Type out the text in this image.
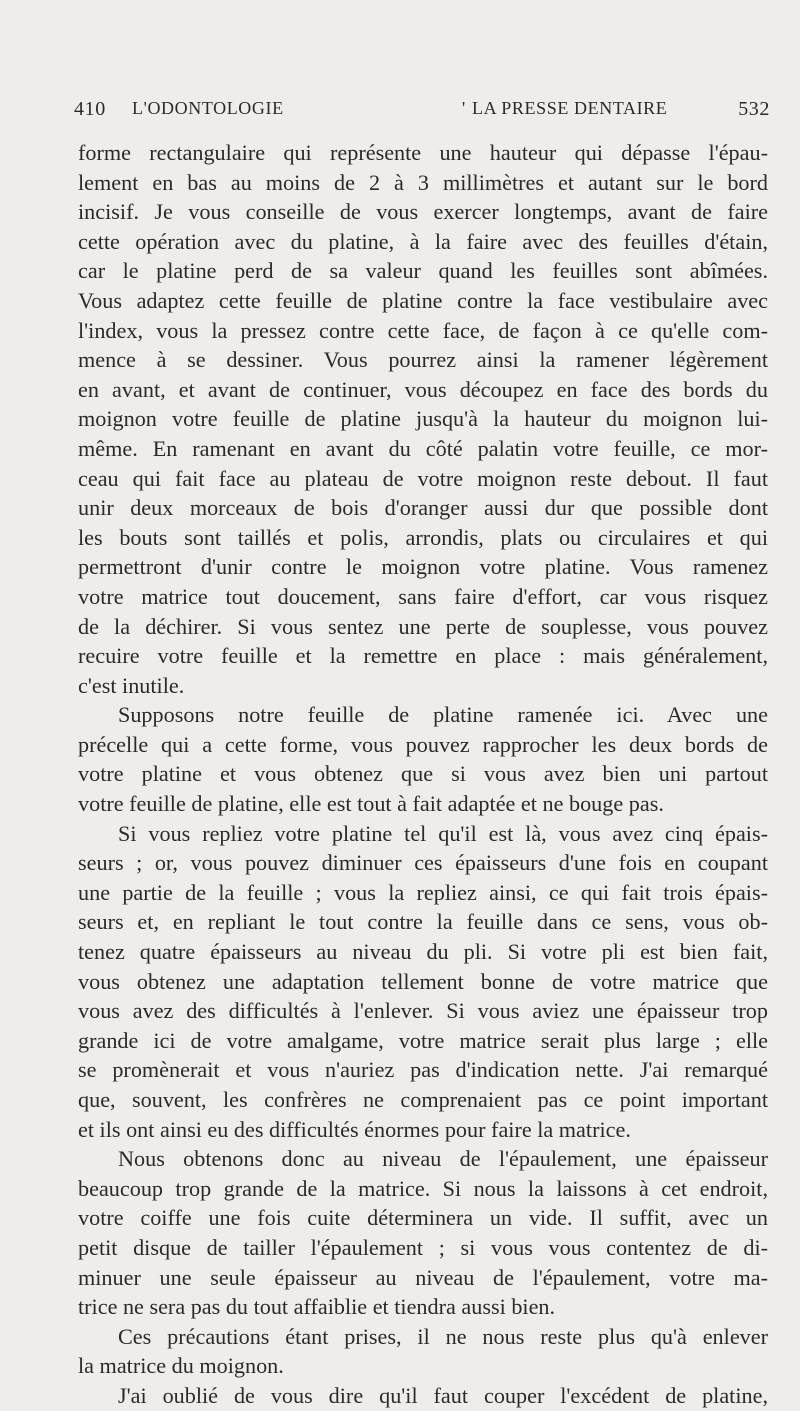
410 L'ODONTOLOGIE	' LA PRESSE DENTAIRE	532
forme rectangulaire qui représente une hauteur qui dépasse l'épau-
lement en bas au moins de 2 à 3 millimètres et autant sur le bord
incisif. Je vous conseille de vous exercer longtemps, avant de faire
cette opération avec du platine, à la faire avec des feuilles d'étain,
car le platine perd de sa valeur quand les feuilles sont abîmées.
Vous adaptez cette feuille de platine contre la face vestibulaire avec
l'index, vous la pressez contre cette face, de façon à ce qu'elle com-
mence à se dessiner. Vous pourrez ainsi la ramener légèrement
en avant, et avant de continuer, vous découpez en face des bords du
moignon votre feuille de platine jusqu'à la hauteur du moignon lui-
même. En ramenant en avant du côté palatin votre feuille, ce mor-
ceau qui fait face au plateau de votre moignon reste debout. Il faut
unir deux morceaux de bois d'oranger aussi dur que possible dont
les bouts sont taillés et polis, arrondis, plats ou circulaires et qui
permettront d'unir contre le moignon votre platine. Vous ramenez
votre matrice tout doucement, sans faire d'effort, car vous risquez
de la déchirer. Si vous sentez une perte de souplesse, vous pouvez
recuire votre feuille et la remettre en place : mais généralement,
c'est inutile.
Supposons notre feuille de platine ramenée ici. Avec une
précelle qui a cette forme, vous pouvez rapprocher les deux bords de
votre platine et vous obtenez que si vous avez bien uni partout
votre feuille de platine, elle est tout à fait adaptée et ne bouge pas.
Si vous repliez votre platine tel qu'il est là, vous avez cinq épais-
seurs ; or, vous pouvez diminuer ces épaisseurs d'une fois en coupant
une partie de la feuille ; vous la repliez ainsi, ce qui fait trois épais-
seurs et, en repliant le tout contre la feuille dans ce sens, vous ob-
tenez quatre épaisseurs au niveau du pli. Si votre pli est bien fait,
vous obtenez une adaptation tellement bonne de votre matrice que
vous avez des difficultés à l'enlever. Si vous aviez une épaisseur trop
grande ici de votre amalgame, votre matrice serait plus large ; elle
se promènerait et vous n'auriez pas d'indication nette. J'ai remarqué
que, souvent, les confrères ne comprenaient pas ce point important
et ils ont ainsi eu des difficultés énormes pour faire la matrice.
Nous obtenons donc au niveau de l'épaulement, une épaisseur
beaucoup trop grande de la matrice. Si nous la laissons à cet endroit,
votre coiffe une fois cuite déterminera un vide. Il suffit, avec un
petit disque de tailler l'épaulement ; si vous vous contentez de di-
minuer une seule épaisseur au niveau de l'épaulement, votre ma-
trice ne sera pas du tout affaiblie et tiendra aussi bien.
Ces précautions étant prises, il ne nous reste plus qu'à enlever
la matrice du moignon.
J'ai oublié de vous dire qu'il faut couper l'excédent de platine,
